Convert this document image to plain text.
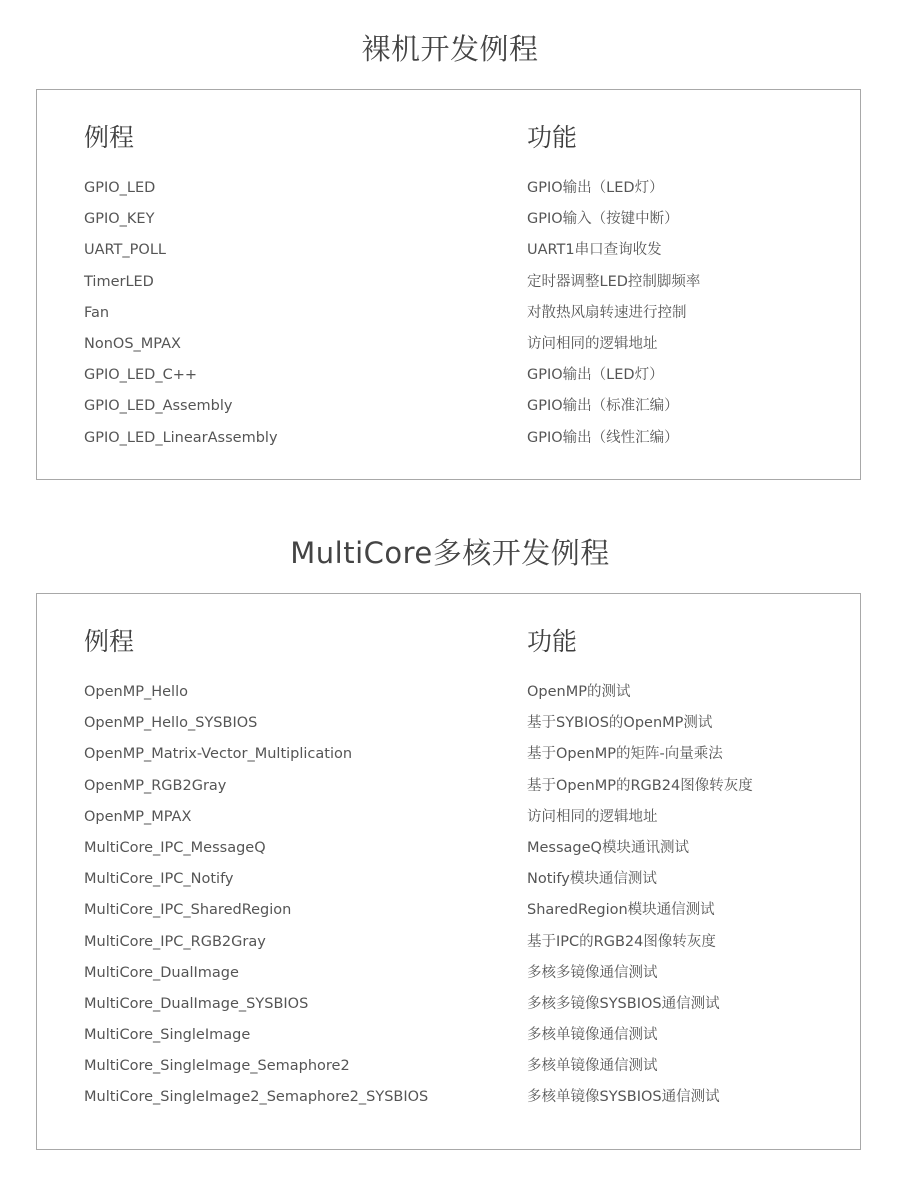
裸机开发例程
例程	功能
GPIO_LED	GPIO输出（LED灯）
GPIO_KEY	GPIO输入（按键中断）
UART_POLL	UART1串口查询收发
TimerLED	定时器调整LED控制脚频率
Fan	对散热风扇转速进行控制
NonOS_MPAX	访问相同的逻辑地址
GPIO_LED_C++	GPIO输出（LED灯）
GPIO_LED_Assembly	GPIO输出（标准汇编）
GPIO_LED_LinearAssembly	GPIO输出（线性汇编）
MultiCore多核开发例程
例程	功能
OpenMP_Hello	OpenMP的测试
OpenMP_Hello_SYSBIOS	基于SYBIOS的OpenMP测试
OpenMP_Matrix-Vector_Multiplication	基于OpenMP的矩阵-向量乘法
OpenMP_RGB2Gray	基于OpenMP的RGB24图像转灰度
OpenMP_MPAX	访问相同的逻辑地址
MultiCore_IPC_MessageQ	MessageQ模块通讯测试
MultiCore_IPC_Notify	Notify模块通信测试
MultiCore_IPC_SharedRegion	SharedRegion模块通信测试
MultiCore_IPC_RGB2Gray	基于IPC的RGB24图像转灰度
MultiCore_DualImage	多核多镜像通信测试
MultiCore_DualImage_SYSBIOS	多核多镜像SYSBIOS通信测试
MultiCore_SingleImage	多核单镜像通信测试
MultiCore_SingleImage_Semaphore2	多核单镜像通信测试
MultiCore_SingleImage2_Semaphore2_SYSBIOS	多核单镜像SYSBIOS通信测试
